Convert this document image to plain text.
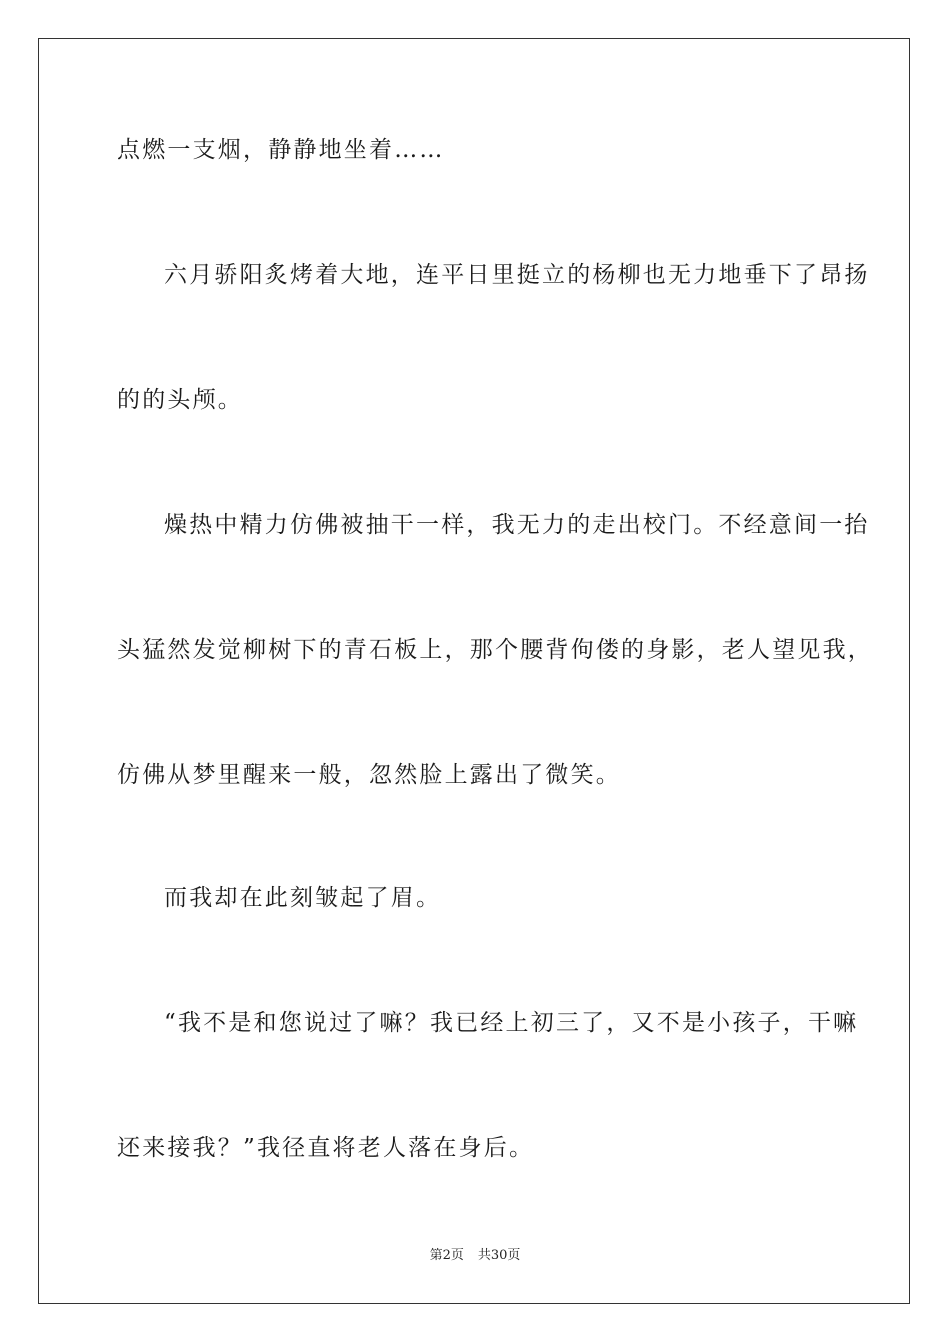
点燃一支烟，静静地坐着……
六月骄阳炙烤着大地，连平日里挺立的杨柳也无力地垂下了昂扬
的的头颅。
燥热中精力仿佛被抽干一样，我无力的走出校门。不经意间一抬
头猛然发觉柳树下的青石板上，那个腰背佝偻的身影，老人望见我，
仿佛从梦里醒来一般，忽然脸上露出了微笑。
而我却在此刻皱起了眉。
“我不是和您说过了嘛？我已经上初三了，又不是小孩子，干嘛
还来接我？”我径直将老人落在身后。
第2页 共30页
